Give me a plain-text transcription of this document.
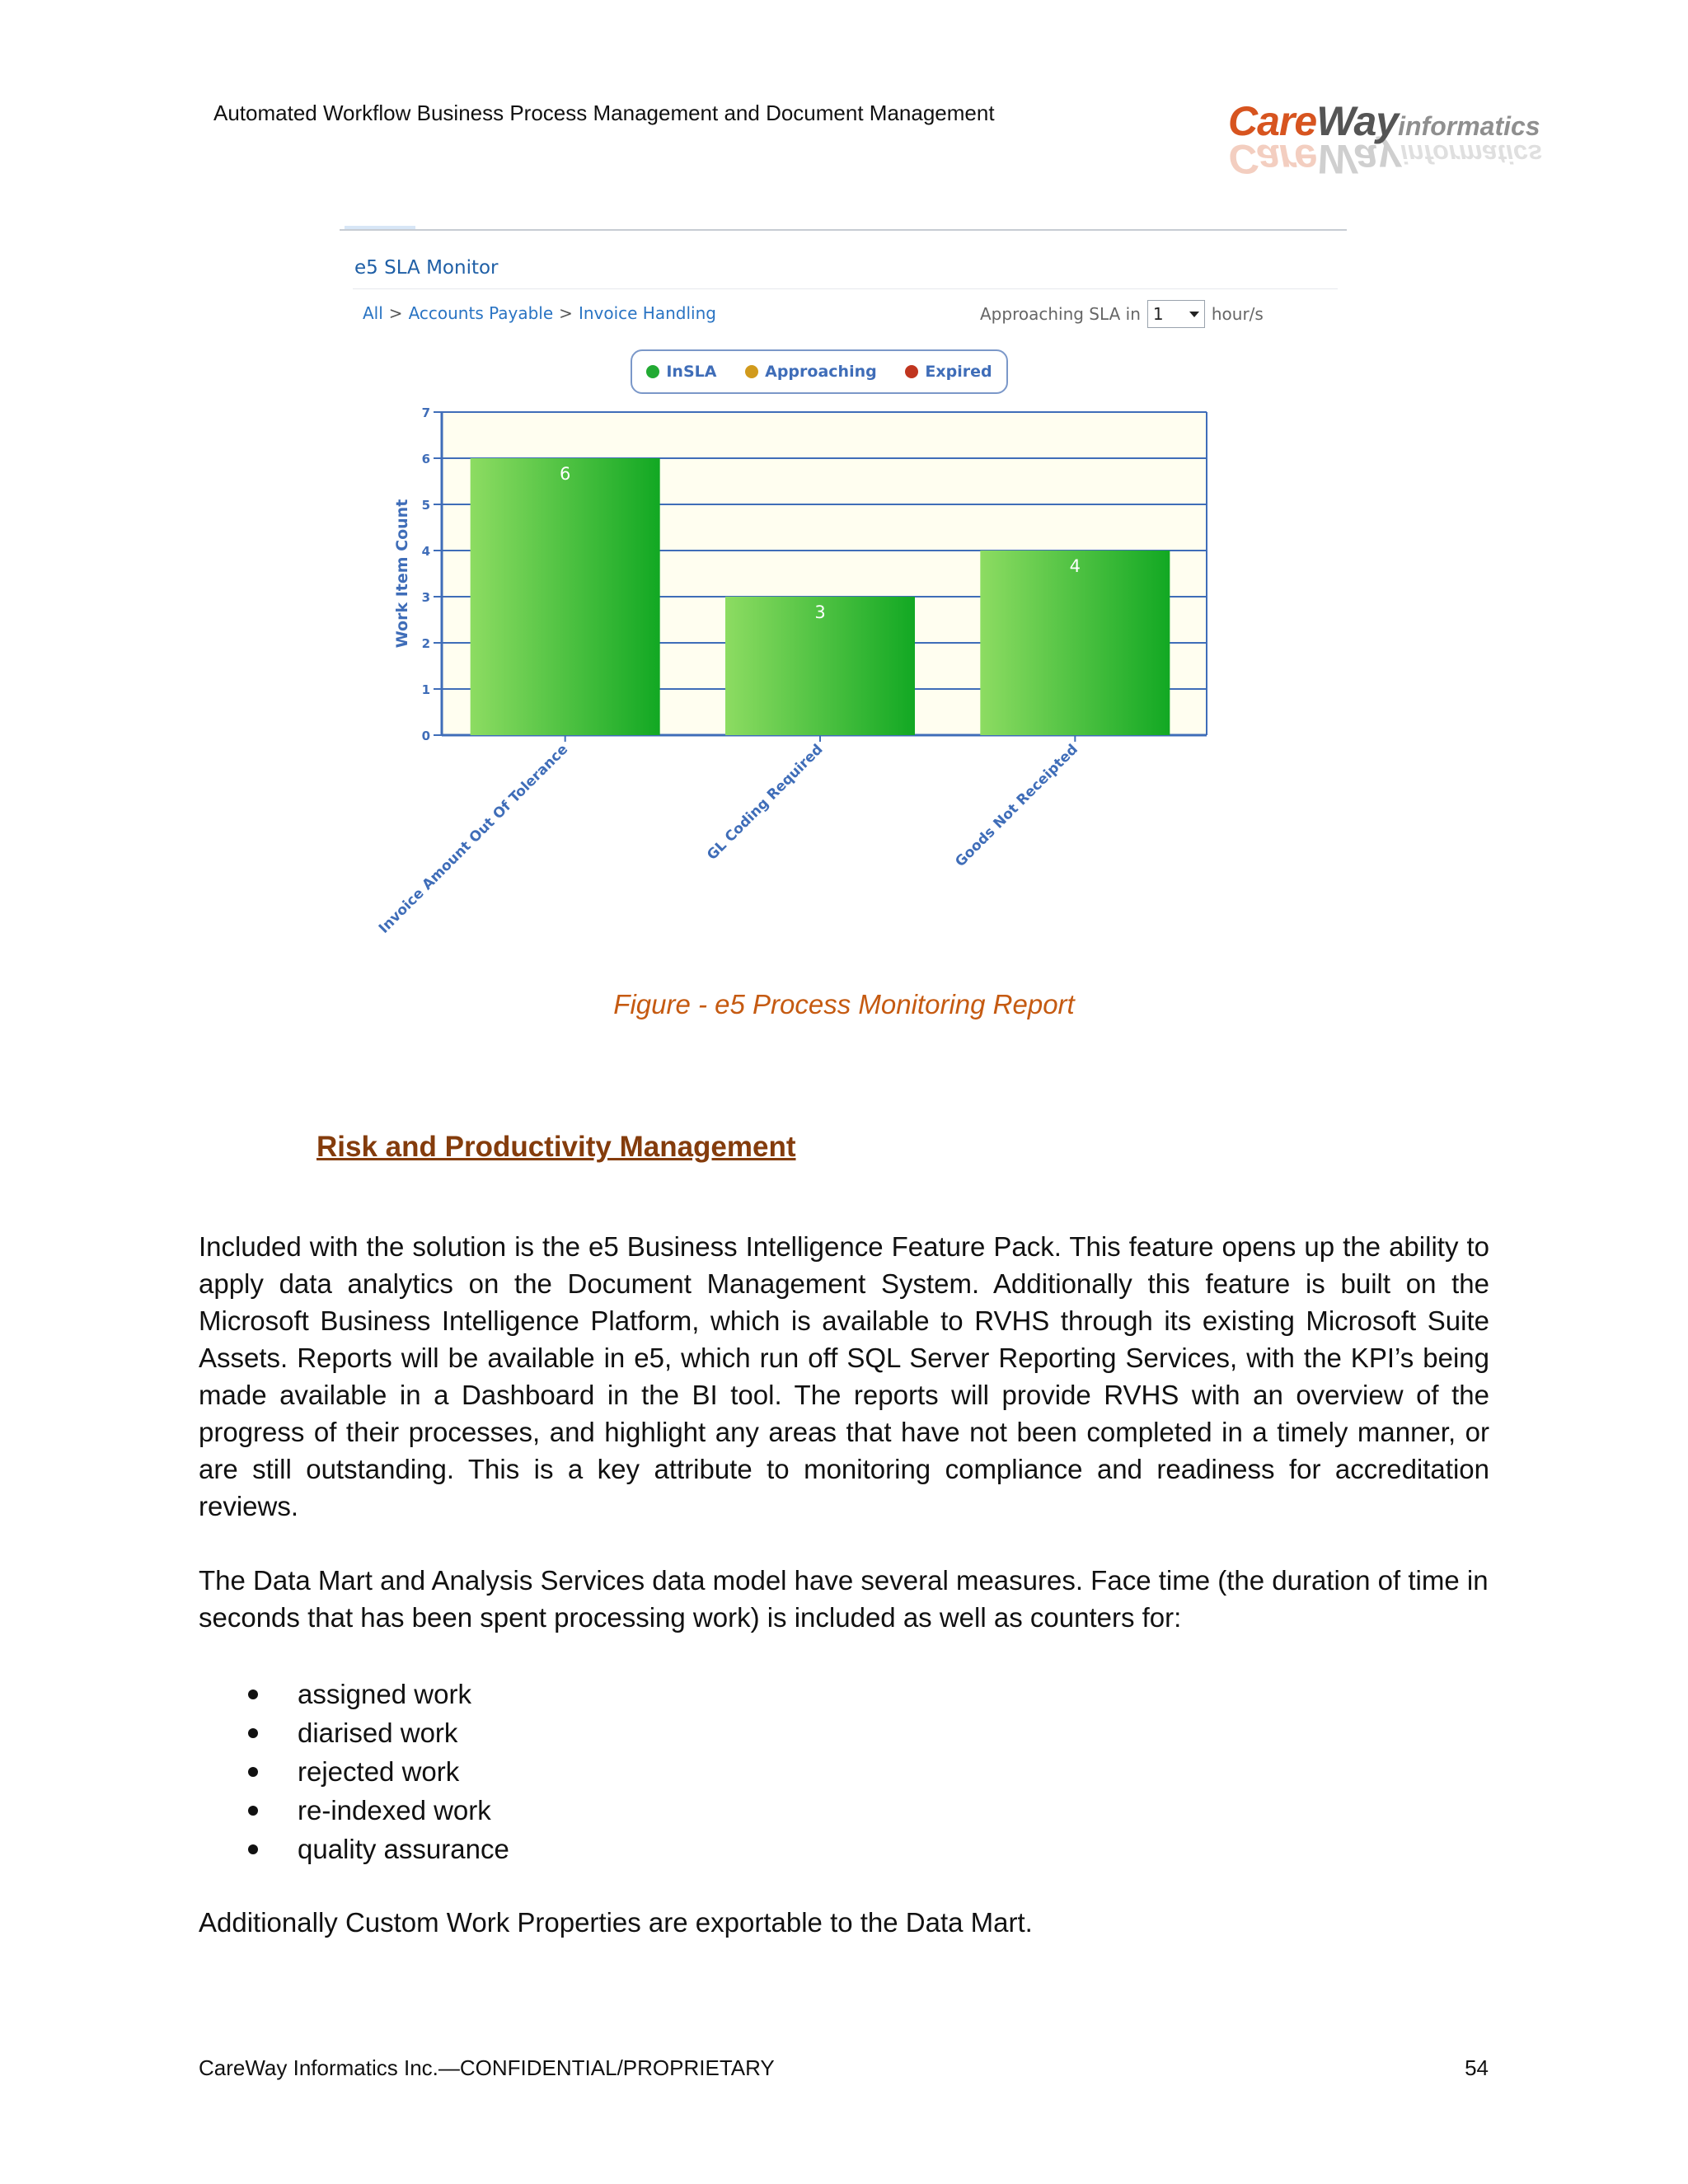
Automated Workflow Business Process Management and Document Management	CareWayinformatics
CareWayinformatics
e5 SLA Monitor
All > Accounts Payable > Invoice Handling	Approaching SLA in 1	hour/s
InSLA	Approaching	Expired
0
1
2
3
4
5
6
7
Work Item Count
6
Invoice Amount Out Of Tolerance
3
GL Coding Required
4
Goods Not Receipted
Figure - e5 Process Monitoring Report
Risk and Productivity Management
Included with the solution is the e5 Business Intelligence Feature Pack. This feature opens up the ability to apply data analytics on the Document Management System. Additionally this feature is built on the Microsoft Business Intelligence Platform, which is available to RVHS through its existing Microsoft Suite Assets. Reports will be available in e5, which run off SQL Server Reporting Services, with the KPI’s being made available in a Dashboard in the BI tool. The reports will provide RVHS with an overview of the progress of their processes, and highlight any areas that have not been completed in a timely manner, or are still outstanding. This is a key attribute to monitoring compliance and readiness for accreditation reviews.
The Data Mart and Analysis Services data model have several measures. Face time (the duration of time in seconds that has been spent processing work) is included as well as counters for:
assigned work
diarised work
rejected work
re-indexed work
quality assurance
Additionally Custom Work Properties are exportable to the Data Mart.
CareWay Informatics Inc.—CONFIDENTIAL/PROPRIETARY	54
